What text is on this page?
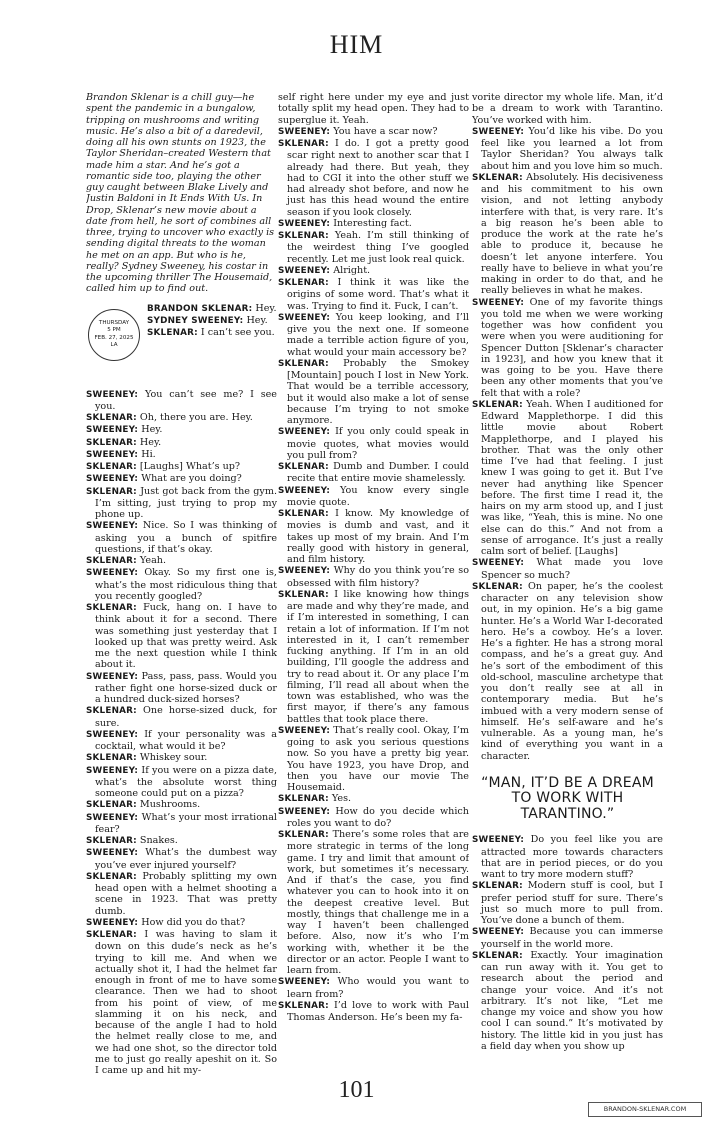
HIM

Brandon Sklenar is a chill guy—he spent the pandemic in a bungalow, tripping on mushrooms and writing music. He’s also a bit of a daredevil, doing all his own stunts on 1923, the Taylor Sheridan–created Western that made him a star. And he’s got a romantic side too, playing the other guy caught between Blake Lively and Justin Baldoni in It Ends With Us. In Drop, Sklenar’s new movie about a date from hell, he sort of combines all three, trying to uncover who exactly is sending digital threats to the woman he met on an app. But who is he, really? Sydney Sweeney, his costar in the upcoming thriller The Housemaid, called him up to find out.

THURSDAY
5 PM
FEB. 27, 2025
LA

BRANDON SKLENAR: Hey.

SYDNEY SWEENEY: Hey.

SKLENAR: I can’t see you.

SWEENEY: You can’t see me? I see you.

SKLENAR: Oh, there you are. Hey.

SWEENEY: Hey.

SKLENAR: Hey.

SWEENEY: Hi.

SKLENAR: [Laughs] What’s up?

SWEENEY: What are you doing?

SKLENAR: Just got back from the gym. I’m sitting, just trying to prop my phone up.

SWEENEY: Nice. So I was thinking of asking you a bunch of spitfire questions, if that’s okay.

SKLENAR: Yeah.

SWEENEY: Okay. So my first one is, what’s the most ridiculous thing that you recently googled?

SKLENAR: Fuck, hang on. I have to think about it for a second. There was something just yesterday that I looked up that was pretty weird. Ask me the next question while I think about it.

SWEENEY: Pass, pass, pass. Would you rather fight one horse-sized duck or a hundred duck-sized horses?

SKLENAR: One horse-sized duck, for sure.

SWEENEY: If your personality was a cocktail, what would it be?

SKLENAR: Whiskey sour.

SWEENEY: If you were on a pizza date, what’s the absolute worst thing someone could put on a pizza?

SKLENAR: Mushrooms.

SWEENEY: What’s your most irrational fear?

SKLENAR: Snakes.

SWEENEY: What’s the dumbest way you’ve ever injured yourself?

SKLENAR: Probably splitting my own head open with a helmet shooting a scene in 1923. That was pretty dumb.

SWEENEY: How did you do that?

SKLENAR: I was having to slam it down on this dude’s neck as he’s trying to kill me. And when we actually shot it, I had the helmet far enough in front of me to have some clearance. Then we had to shoot from his point of view, of me slamming it on his neck, and because of the angle I had to hold the helmet really close to me, and we had one shot, so the director told me to just go really apeshit on it. So I came up and hit my-

self right here under my eye and just totally split my head open. They had to superglue it. Yeah.

SWEENEY: You have a scar now?

SKLENAR: I do. I got a pretty good scar right next to another scar that I already had there. But yeah, they had to CGI it into the other stuff we had already shot before, and now he just has this head wound the entire season if you look closely.

SWEENEY: Interesting fact.

SKLENAR: Yeah. I’m still thinking of the weirdest thing I’ve googled recently. Let me just look real quick.

SWEENEY: Alright.

SKLENAR: I think it was like the origins of some word. That’s what it was. Trying to find it. Fuck, I can’t.

SWEENEY: You keep looking, and I’ll give you the next one. If someone made a terrible action figure of you, what would your main accessory be?

SKLENAR: Probably the Smokey [Mountain] pouch I lost in New York. That would be a terrible accessory, but it would also make a lot of sense because I’m trying to not smoke anymore.

SWEENEY: If you only could speak in movie quotes, what movies would you pull from?

SKLENAR: Dumb and Dumber. I could recite that entire movie shamelessly.

SWEENEY: You know every single movie quote.

SKLENAR: I know. My knowledge of movies is dumb and vast, and it takes up most of my brain. And I’m really good with history in general, and film history.

SWEENEY: Why do you think you’re so obsessed with film history?

SKLENAR: I like knowing how things are made and why they’re made, and if I’m interested in something, I can retain a lot of information. If I’m not interested in it, I can’t remember fucking anything. If I’m in an old building, I’ll google the address and try to read about it. Or any place I’m filming, I’ll read all about when the town was established, who was the first mayor, if there’s any famous battles that took place there.

SWEENEY: That’s really cool. Okay, I’m going to ask you serious questions now. So you have a pretty big year. You have 1923, you have Drop, and then you have our movie The Housemaid.

SKLENAR: Yes.

SWEENEY: How do you decide which roles you want to do?

SKLENAR: There’s some roles that are more strategic in terms of the long game. I try and limit that amount of work, but sometimes it’s necessary. And if that’s the case, you find whatever you can to hook into it on the deepest creative level. But mostly, things that challenge me in a way I haven’t been challenged before. Also, now it’s who I’m working with, whether it be the director or an actor. People I want to learn from.

SWEENEY: Who would you want to learn from?

SKLENAR: I’d love to work with Paul Thomas Anderson. He’s been my fa-

vorite director my whole life. Man, it’d be a dream to work with Tarantino. You’ve worked with him.

SWEENEY: You’d like his vibe. Do you feel like you learned a lot from Taylor Sheridan? You always talk about him and you love him so much.

SKLENAR: Absolutely. His decisiveness and his commitment to his own vision, and not letting anybody interfere with that, is very rare. It’s a big reason he’s been able to produce the work at the rate he’s able to produce it, because he doesn’t let anyone interfere. You really have to believe in what you’re making in order to do that, and he really believes in what he makes.

SWEENEY: One of my favorite things you told me when we were working together was how confident you were when you were auditioning for Spencer Dutton [Sklenar’s character in 1923], and how you knew that it was going to be you. Have there been any other moments that you’ve felt that with a role?

SKLENAR: Yeah. When I auditioned for Edward Mapplethorpe. I did this little movie about Robert Mapplethorpe, and I played his brother. That was the only other time I’ve had that feeling. I just knew I was going to get it. But I’ve never had anything like Spencer before. The first time I read it, the hairs on my arm stood up, and I just was like, “Yeah, this is mine. No one else can do this.” And not from a sense of arrogance. It’s just a really calm sort of belief. [Laughs]

SWEENEY: What made you love Spencer so much?

SKLENAR: On paper, he’s the coolest character on any television show out, in my opinion. He’s a big game hunter. He’s a World War I-decorated hero. He’s a cowboy. He’s a lover. He’s a fighter. He has a strong moral compass, and he’s a great guy. And he’s sort of the embodiment of this old-school, masculine archetype that you don’t really see at all in contemporary media. But he’s imbued with a very modern sense of himself. He’s self-aware and he’s vulnerable. As a young man, he’s kind of everything you want in a character.

“MAN, IT’D BE A DREAM TO WORK WITH TARANTINO.”

SWEENEY: Do you feel like you are attracted more towards characters that are in period pieces, or do you want to try more modern stuff?

SKLENAR: Modern stuff is cool, but I prefer period stuff for sure. There’s just so much more to pull from. You’ve done a bunch of them.

SWEENEY: Because you can immerse yourself in the world more.

SKLENAR: Exactly. Your imagination can run away with it. You get to research about the period and change your voice. And it’s not arbitrary. It’s not like, “Let me change my voice and show you how cool I can sound.” It’s motivated by history. The little kid in you just has a field day when you show up

101
BRANDON-SKLENAR.COM
